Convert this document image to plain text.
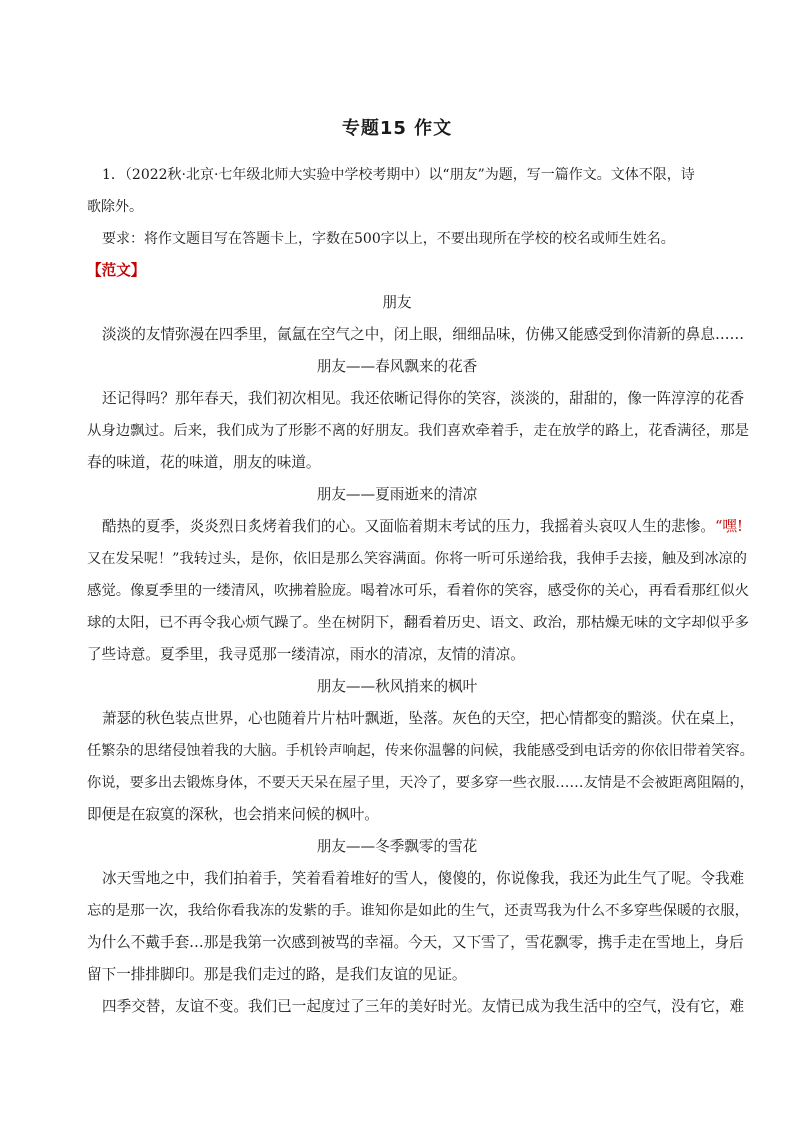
专题15 作文
1．（2022秋·北京·七年级北师大实验中学校考期中）以“朋友”为题，写一篇作文。文体不限，诗
歌除外。
要求：将作文题目写在答题卡上，字数在500字以上，不要出现所在学校的校名或师生姓名。
【范文】
朋友
淡淡的友情弥漫在四季里，氤氲在空气之中，闭上眼，细细品味，仿佛又能感受到你清新的鼻息……
朋友——春风飘来的花香
还记得吗？那年春天，我们初次相见。我还依晰记得你的笑容，淡淡的，甜甜的，像一阵淳淳的花香
从身边飘过。后来，我们成为了形影不离的好朋友。我们喜欢牵着手，走在放学的路上，花香满径，那是
春的味道，花的味道，朋友的味道。
朋友——夏雨逝来的清凉
酷热的夏季，炎炎烈日炙烤着我们的心。又面临着期末考试的压力，我摇着头哀叹人生的悲惨。“嘿!
又在发呆呢！”我转过头，是你，依旧是那么笑容满面。你将一听可乐递给我，我伸手去接，触及到冰凉的
感觉。像夏季里的一缕清风，吹拂着脸庞。喝着冰可乐，看着你的笑容，感受你的关心，再看看那红似火
球的太阳，已不再令我心烦气躁了。坐在树阴下，翻看着历史、语文、政治，那枯燥无味的文字却似乎多
了些诗意。夏季里，我寻觅那一缕清凉，雨水的清凉，友情的清凉。
朋友——秋风捎来的枫叶
萧瑟的秋色装点世界，心也随着片片枯叶飘逝，坠落。灰色的天空，把心情都变的黯淡。伏在桌上，
任繁杂的思绪侵蚀着我的大脑。手机铃声响起，传来你温馨的问候，我能感受到电话旁的你依旧带着笑容。
你说，要多出去锻炼身体，不要天天呆在屋子里，天冷了，要多穿一些衣服……友情是不会被距离阻隔的，
即便是在寂寞的深秋，也会捎来问候的枫叶。
朋友——冬季飘零的雪花
冰天雪地之中，我们拍着手，笑着看着堆好的雪人，傻傻的，你说像我，我还为此生气了呢。令我难
忘的是那一次，我给你看我冻的发紫的手。谁知你是如此的生气，还责骂我为什么不多穿些保暖的衣服，
为什么不戴手套…那是我第一次感到被骂的幸福。今天，又下雪了，雪花飘零，携手走在雪地上，身后
留下一排排脚印。那是我们走过的路，是我们友谊的见证。
四季交替，友谊不变。我们已一起度过了三年的美好时光。友情已成为我生活中的空气，没有它，难
